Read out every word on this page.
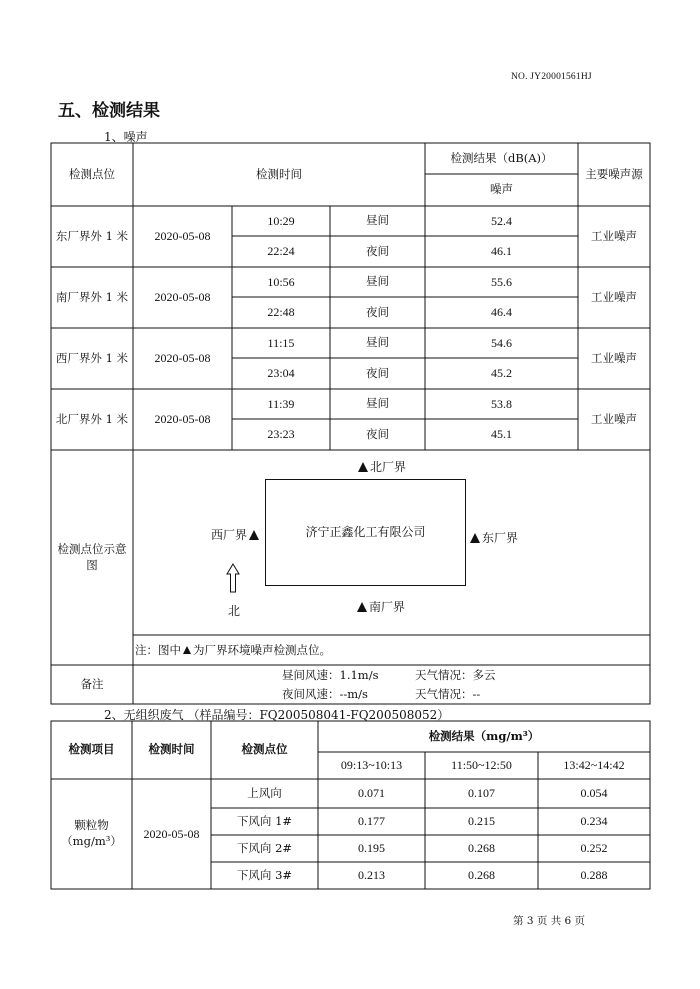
NO. JY20001561HJ
五、检测结果
1、噪声
检测点位	检测时间
检测结果（dB(A)）
噪声
主要噪声源
东厂界外 1 米	2020-05-08
10:29	昼间	52.4
22:24	夜间	46.1
工业噪声
南厂界外 1 米	2020-05-08
10:56	昼间	55.6
22:48	夜间	46.4
工业噪声
西厂界外 1 米	2020-05-08
11:15	昼间	54.6
23:04	夜间	45.2
工业噪声
北厂界外 1 米	2020-05-08
11:39	昼间	53.8
23:23	夜间	45.1
工业噪声
检测点位示意图
济宁正鑫化工有限公司
北厂界
南厂界
东厂界
西厂界
北
注：图中 为厂界环境噪声检测点位。
备注
昼间风速：1.1m/s	天气情况：多云
夜间风速：--m/s	天气情况：--
2、无组织废气 （样品编号：FQ200508041-FQ200508052）
检测项目	检测时间	检测点位
检测结果（mg/m³）
09:13~10:13	11:50~12:50	13:42~14:42
颗粒物
（mg/m³）
2020-05-08
上风向	0.071	0.107	0.054
下风向 1#	0.177	0.215	0.234
下风向 2#	0.195	0.268	0.252
下风向 3#	0.213	0.268	0.288
第 3 页 共 6 页
